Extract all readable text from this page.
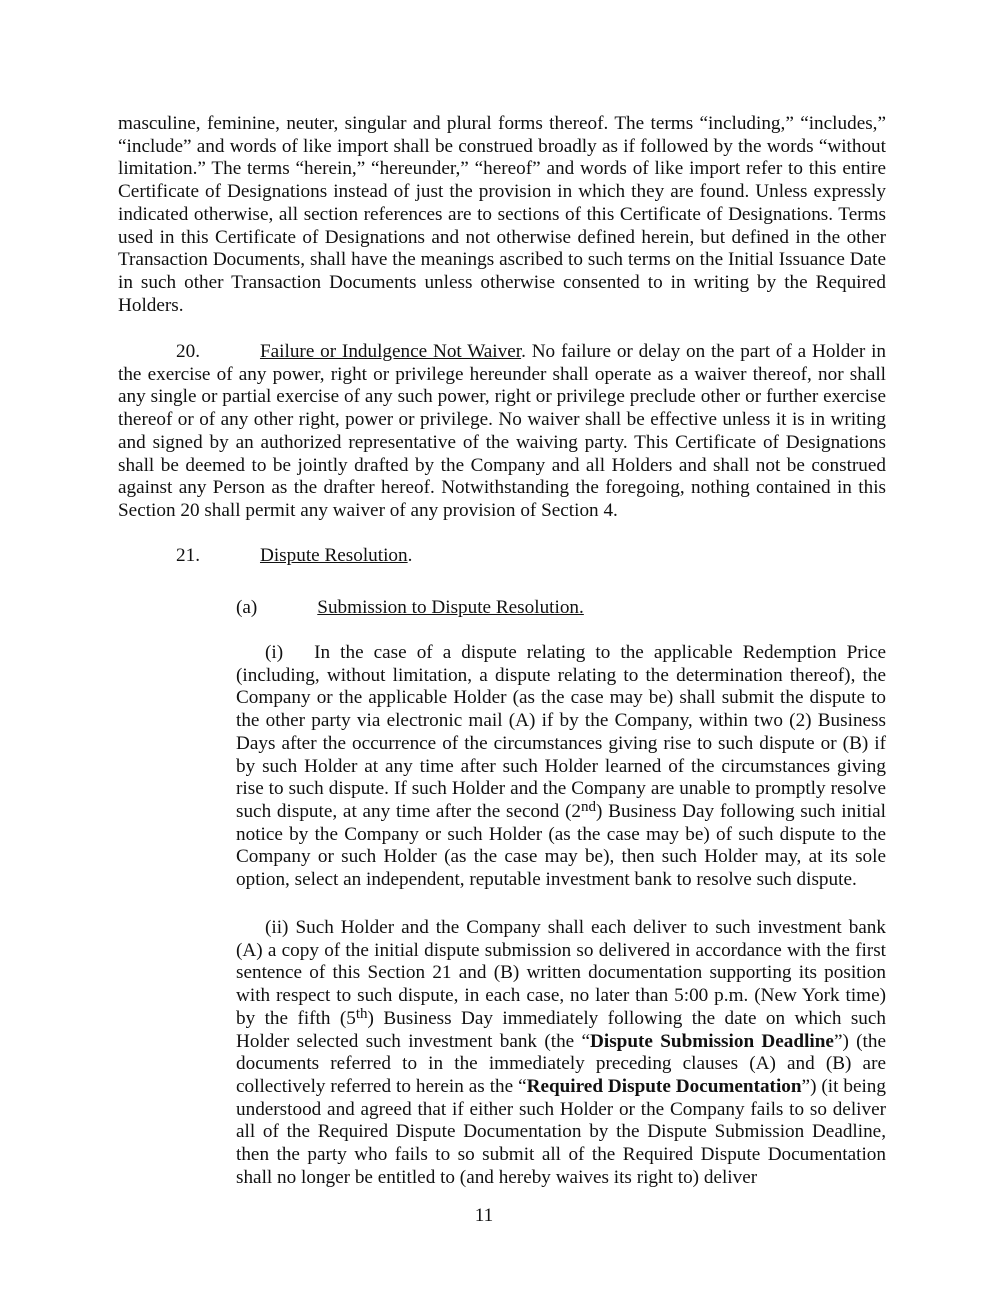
masculine, feminine, neuter, singular and plural forms thereof. The terms “including,” “includes,” “include” and words of like import shall be construed broadly as if followed by the words “without limitation.” The terms “herein,” “hereunder,” “hereof” and words of like import refer to this entire Certificate of Designations instead of just the provision in which they are found. Unless expressly indicated otherwise, all section references are to sections of this Certificate of Designations. Terms used in this Certificate of Designations and not otherwise defined herein, but defined in the other Transaction Documents, shall have the meanings ascribed to such terms on the Initial Issuance Date in such other Transaction Documents unless otherwise consented to in writing by the Required Holders.

20.	Failure or Indulgence Not Waiver. No failure or delay on the part of a Holder in the exercise of any power, right or privilege hereunder shall operate as a waiver thereof, nor shall any single or partial exercise of any such power, right or privilege preclude other or further exercise thereof or of any other right, power or privilege. No waiver shall be effective unless it is in writing and signed by an authorized representative of the waiving party. This Certificate of Designations shall be deemed to be jointly drafted by the Company and all Holders and shall not be construed against any Person as the drafter hereof. Notwithstanding the foregoing, nothing contained in this Section 20 shall permit any waiver of any provision of Section 4.

21.	Dispute Resolution.

(a)	Submission to Dispute Resolution.

(i) In the case of a dispute relating to the applicable Redemption Price (including, without limitation, a dispute relating to the determination thereof), the Company or the applicable Holder (as the case may be) shall submit the dispute to the other party via electronic mail (A) if by the Company, within two (2) Business Days after the occurrence of the circumstances giving rise to such dispute or (B) if by such Holder at any time after such Holder learned of the circumstances giving rise to such dispute. If such Holder and the Company are unable to promptly resolve such dispute, at any time after the second (2nd) Business Day following such initial notice by the Company or such Holder (as the case may be) of such dispute to the Company or such Holder (as the case may be), then such Holder may, at its sole option, select an independent, reputable investment bank to resolve such dispute.

(ii) Such Holder and the Company shall each deliver to such investment bank (A) a copy of the initial dispute submission so delivered in accordance with the first sentence of this Section 21 and (B) written documentation supporting its position with respect to such dispute, in each case, no later than 5:00 p.m. (New York time) by the fifth (5th) Business Day immediately following the date on which such Holder selected such investment bank (the “Dispute Submission Deadline”) (the documents referred to in the immediately preceding clauses (A) and (B) are collectively referred to herein as the “Required Dispute Documentation”) (it being understood and agreed that if either such Holder or the Company fails to so deliver all of the Required Dispute Documentation by the Dispute Submission Deadline, then the party who fails to so submit all of the Required Dispute Documentation shall no longer be entitled to (and hereby waives its right to) deliver

11
